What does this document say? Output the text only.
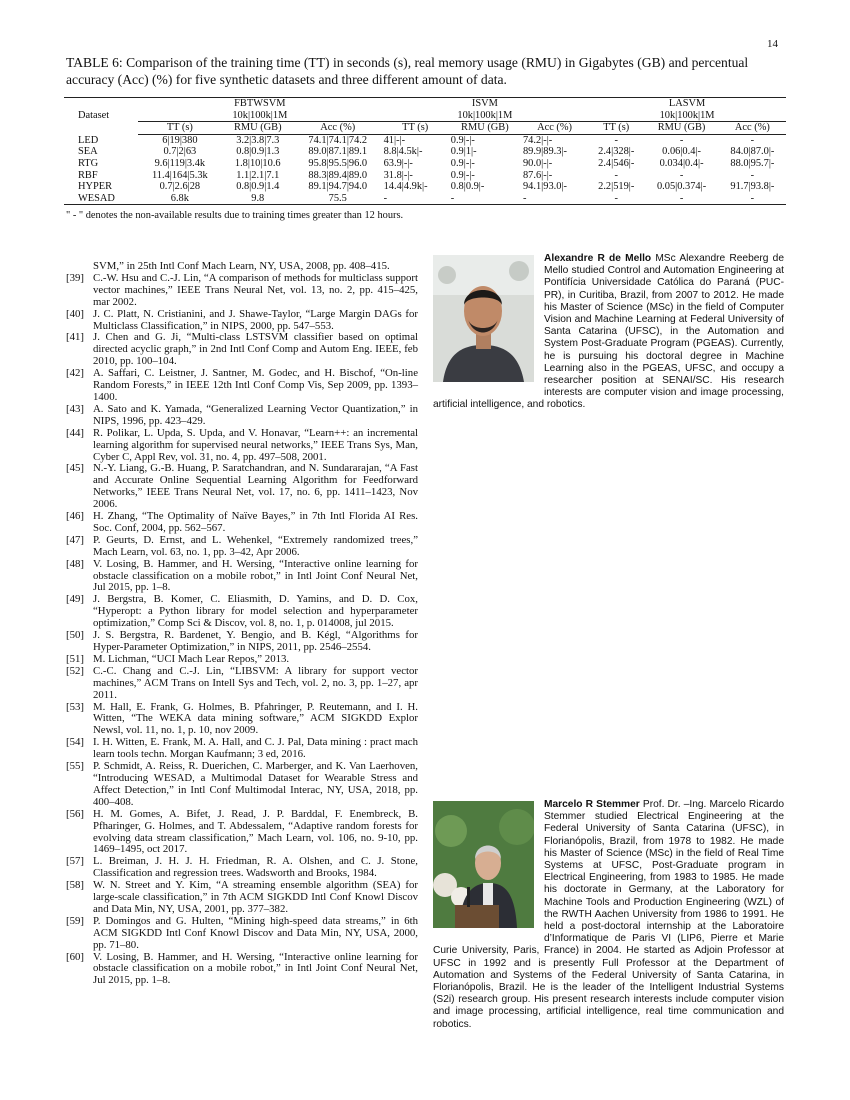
14
TABLE 6: Comparison of the training time (TT) in seconds (s), real memory usage (RMU) in Gigabytes (GB) and percentual accuracy (Acc) (%) for five synthetic datasets and three different amount of data.
Dataset	FBTWSVM			ISVM			LASVM		
	10k|100k|1M			10k|100k|1M			10k|100k|1M		
	TT (s)	RMU (GB)	Acc (%)	TT (s)	RMU (GB)	Acc (%)	TT (s)	RMU (GB)	Acc (%)
LED	6|19|380	3.2|3.8|7.3	74.1|74.1|74.2	41|-|-	0.9|-|-	74.2|-|-	-	-	-
SEA	0.7|2|63	0.8|0.9|1.3	89.0|87.1|89.1	8.8|4.5k|-	0.9|1|-	89.9|89.3|-	2.4|328|-	0.06|0.4|-	84.0|87.0|-
RTG	9.6|119|3.4k	1.8|10|10.6	95.8|95.5|96.0	63.9|-|-	0.9|-|-	90.0|-|-	2.4|546|-	0.034|0.4|-	88.0|95.7|-
RBF	11.4|164|5.3k	1.1|2.1|7.1	88.3|89.4|89.0	31.8|-|-	0.9|-|-	87.6|-|-	-	-	-
HYPER	0.7|2.6|28	0.8|0.9|1.4	89.1|94.7|94.0	14.4|4.9k|-	0.8|0.9|-	94.1|93.0|-	2.2|519|-	0.05|0.374|-	91.7|93.8|-
WESAD	6.8k	9.8	75.5	-	-	-	-	-	-
" - " denotes the non-available results due to training times greater than 12 hours.
SVM,” in 25th Intl Conf Mach Learn, NY, USA, 2008, pp. 408–415.
[39] C.-W. Hsu and C.-J. Lin, “A comparison of methods for multiclass support vector machines,” IEEE Trans Neural Net, vol. 13, no. 2, pp. 415–425, mar 2002.
[40] J. C. Platt, N. Cristianini, and J. Shawe-Taylor, “Large Margin DAGs for Multiclass Classification,” in NIPS, 2000, pp. 547–553.
[41] J. Chen and G. Ji, “Multi-class LSTSVM classifier based on optimal directed acyclic graph,” in 2nd Intl Conf Comp and Autom Eng. IEEE, feb 2010, pp. 100–104.
[42] A. Saffari, C. Leistner, J. Santner, M. Godec, and H. Bischof, “On-line Random Forests,” in IEEE 12th Intl Conf Comp Vis, Sep 2009, pp. 1393–1400.
[43] A. Sato and K. Yamada, “Generalized Learning Vector Quantization,” in NIPS, 1996, pp. 423–429.
[44] R. Polikar, L. Upda, S. Upda, and V. Honavar, “Learn++: an incremental learning algorithm for supervised neural networks,” IEEE Trans Sys, Man, Cyber C, Appl Rev, vol. 31, no. 4, pp. 497–508, 2001.
[45] N.-Y. Liang, G.-B. Huang, P. Saratchandran, and N. Sundararajan, “A Fast and Accurate Online Sequential Learning Algorithm for Feedforward Networks,” IEEE Trans Neural Net, vol. 17, no. 6, pp. 1411–1423, Nov 2006.
[46] H. Zhang, “The Optimality of Naïve Bayes,” in 7th Intl Florida AI Res. Soc. Conf, 2004, pp. 562–567.
[47] P. Geurts, D. Ernst, and L. Wehenkel, “Extremely randomized trees,” Mach Learn, vol. 63, no. 1, pp. 3–42, Apr 2006.
[48] V. Losing, B. Hammer, and H. Wersing, “Interactive online learning for obstacle classification on a mobile robot,” in Intl Joint Conf Neural Net, Jul 2015, pp. 1–8.
[49] J. Bergstra, B. Komer, C. Eliasmith, D. Yamins, and D. D. Cox, “Hyperopt: a Python library for model selection and hyperparameter optimization,” Comp Sci & Discov, vol. 8, no. 1, p. 014008, jul 2015.
[50] J. S. Bergstra, R. Bardenet, Y. Bengio, and B. Kégl, “Algorithms for Hyper-Parameter Optimization,” in NIPS, 2011, pp. 2546–2554.
[51] M. Lichman, “UCI Mach Lear Repos,” 2013.
[52] C.-C. Chang and C.-J. Lin, “LIBSVM: A library for support vector machines,” ACM Trans on Intell Sys and Tech, vol. 2, no. 3, pp. 1–27, apr 2011.
[53] M. Hall, E. Frank, G. Holmes, B. Pfahringer, P. Reutemann, and I. H. Witten, “The WEKA data mining software,” ACM SIGKDD Explor Newsl, vol. 11, no. 1, p. 10, nov 2009.
[54] I. H. Witten, E. Frank, M. A. Hall, and C. J. Pal, Data mining : pract mach learn tools techn. Morgan Kaufmann; 3 ed, 2016.
[55] P. Schmidt, A. Reiss, R. Duerichen, C. Marberger, and K. Van Laerhoven, “Introducing WESAD, a Multimodal Dataset for Wearable Stress and Affect Detection,” in Intl Conf Multimodal Interac, NY, USA, 2018, pp. 400–408.
[56] H. M. Gomes, A. Bifet, J. Read, J. P. Barddal, F. Enembreck, B. Pfharinger, G. Holmes, and T. Abdessalem, “Adaptive random forests for evolving data stream classification,” Mach Learn, vol. 106, no. 9-10, pp. 1469–1495, oct 2017.
[57] L. Breiman, J. H. J. H. Friedman, R. A. Olshen, and C. J. Stone, Classification and regression trees. Wadsworth and Brooks, 1984.
[58] W. N. Street and Y. Kim, “A streaming ensemble algorithm (SEA) for large-scale classification,” in 7th ACM SIGKDD Intl Conf Knowl Discov and Data Min, NY, USA, 2001, pp. 377–382.
[59] P. Domingos and G. Hulten, “Mining high-speed data streams,” in 6th ACM SIGKDD Intl Conf Knowl Discov and Data Min, NY, USA, 2000, pp. 71–80.
[60] V. Losing, B. Hammer, and H. Wersing, “Interactive online learning for obstacle classification on a mobile robot,” in Intl Joint Conf Neural Net, Jul 2015, pp. 1–8.
Alexandre R de Mello MSc Alexandre Reeberg de Mello studied Control and Automation Engineering at Pontifícia Universidade Católica do Paraná (PUC-PR), in Curitiba, Brazil, from 2007 to 2012. He made his Master of Science (MSc) in the field of Computer Vision and Machine Learning at Federal University of Santa Catarina (UFSC), in the Automation and System Post-Graduate Program (PGEAS). Currently, he is pursuing his doctoral degree in Machine Learning also in the PGEAS, UFSC, and occupy a researcher position at SENAI/SC. His research interests are computer vision and image processing, artificial intelligence, and robotics.
Marcelo R Stemmer Prof. Dr. –Ing. Marcelo Ricardo Stemmer studied Electrical Engineering at the Federal University of Santa Catarina (UFSC), in Florianópolis, Brazil, from 1978 to 1982. He made his Master of Science (MSc) in the field of Real Time Systems at UFSC, Post-Graduate program in Electrical Engineering, from 1983 to 1985. He made his doctorate in Germany, at the Laboratory for Machine Tools and Production Engineering (WZL) of the RWTH Aachen University from 1986 to 1991. He held a post-doctoral internship at the Laboratoire d’Informatique de Paris VI (LIP6, Pierre et Marie Curie University, Paris, France) in 2004. He started as Adjoin Professor at UFSC in 1992 and is presently Full Professor at the Department of Automation and Systems of the Federal University of Santa Catarina, in Florianópolis, Brazil. He is the leader of the Intelligent Industrial Systems (S2i) research group. His present research interests include computer vision and image processing, artificial intelligence, real time communication and robotics.
